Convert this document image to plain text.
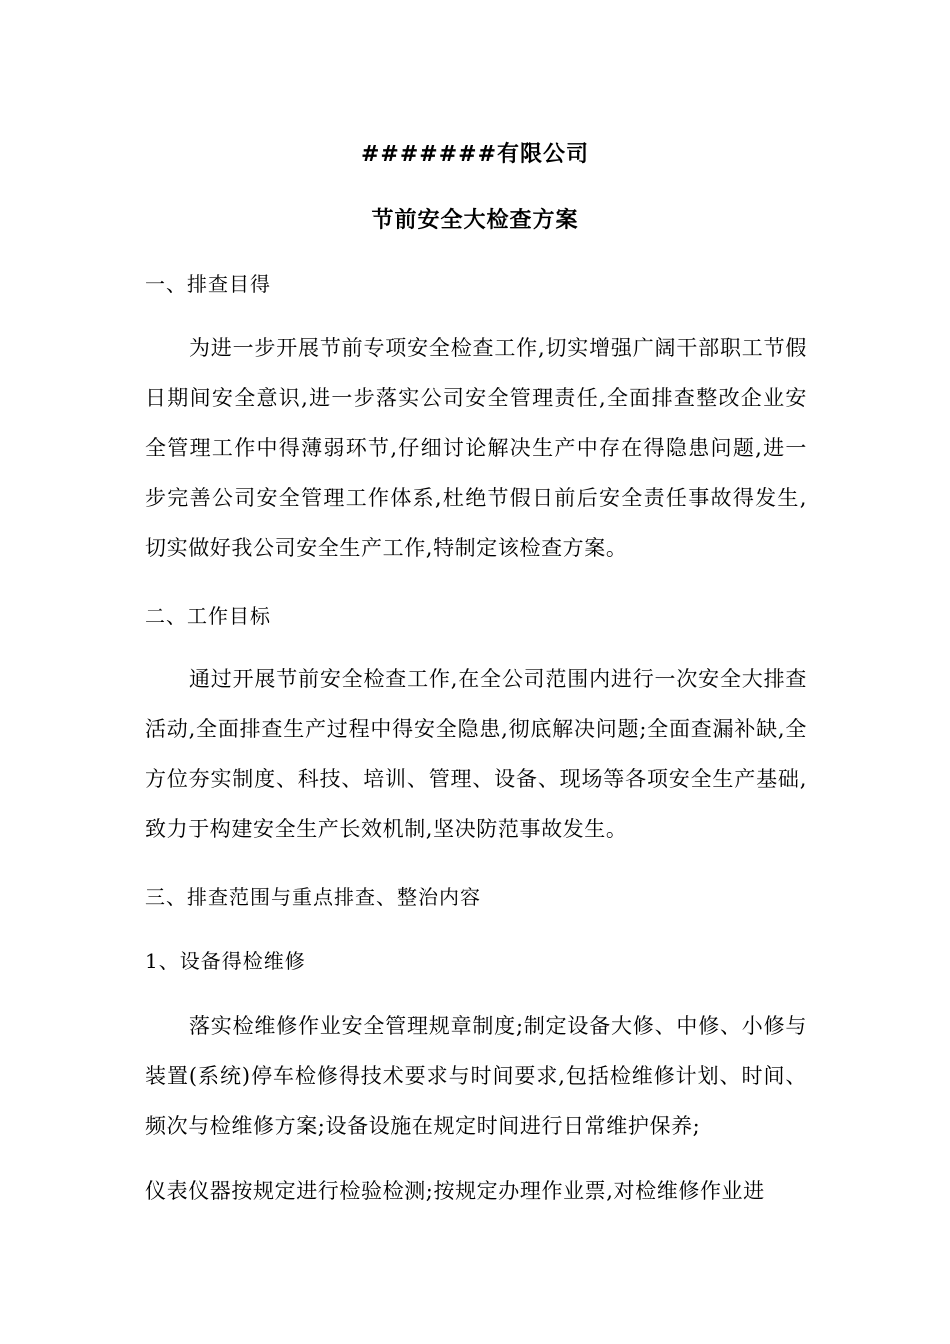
#######有限公司
节前安全大检查方案
一、排查目得
为进一步开展节前专项安全检查工作,切实增强广阔干部职工节假日期间安全意识,进一步落实公司安全管理责任,全面排查整改企业安全管理工作中得薄弱环节,仔细讨论解决生产中存在得隐患问题,进一步完善公司安全管理工作体系,杜绝节假日前后安全责任事故得发生,切实做好我公司安全生产工作,特制定该检查方案。
二、工作目标
通过开展节前安全检查工作,在全公司范围内进行一次安全大排查活动,全面排查生产过程中得安全隐患,彻底解决问题;全面查漏补缺,全方位夯实制度、科技、培训、管理、设备、现场等各项安全生产基础,致力于构建安全生产长效机制,坚决防范事故发生。
三、排查范围与重点排查、整治内容
1、设备得检维修
落实检维修作业安全管理规章制度;制定设备大修、中修、小修与装置(系统)停车检修得技术要求与时间要求,包括检维修计划、时间、频次与检维修方案;设备设施在规定时间进行日常维护保养;
仪表仪器按规定进行检验检测;按规定办理作业票,对检维修作业进
